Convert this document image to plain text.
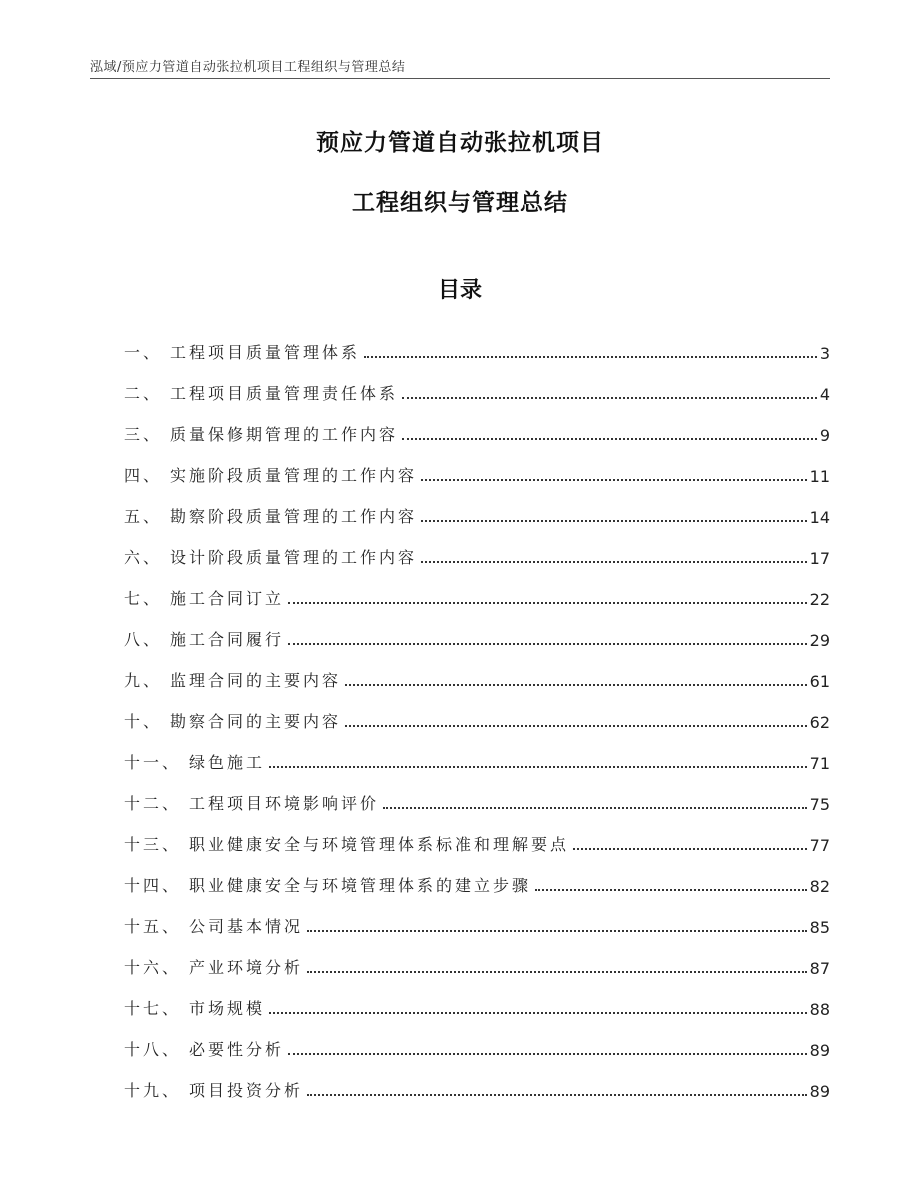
泓域/预应力管道自动张拉机项目工程组织与管理总结
预应力管道自动张拉机项目
工程组织与管理总结
目录
一、 工程项目质量管理体系	3
二、 工程项目质量管理责任体系	4
三、 质量保修期管理的工作内容	9
四、 实施阶段质量管理的工作内容	11
五、 勘察阶段质量管理的工作内容	14
六、 设计阶段质量管理的工作内容	17
七、 施工合同订立	22
八、 施工合同履行	29
九、 监理合同的主要内容	61
十、 勘察合同的主要内容	62
十一、 绿色施工	71
十二、 工程项目环境影响评价	75
十三、 职业健康安全与环境管理体系标准和理解要点	77
十四、 职业健康安全与环境管理体系的建立步骤	82
十五、 公司基本情况	85
十六、 产业环境分析	87
十七、 市场规模	88
十八、 必要性分析	89
十九、 项目投资分析	89
